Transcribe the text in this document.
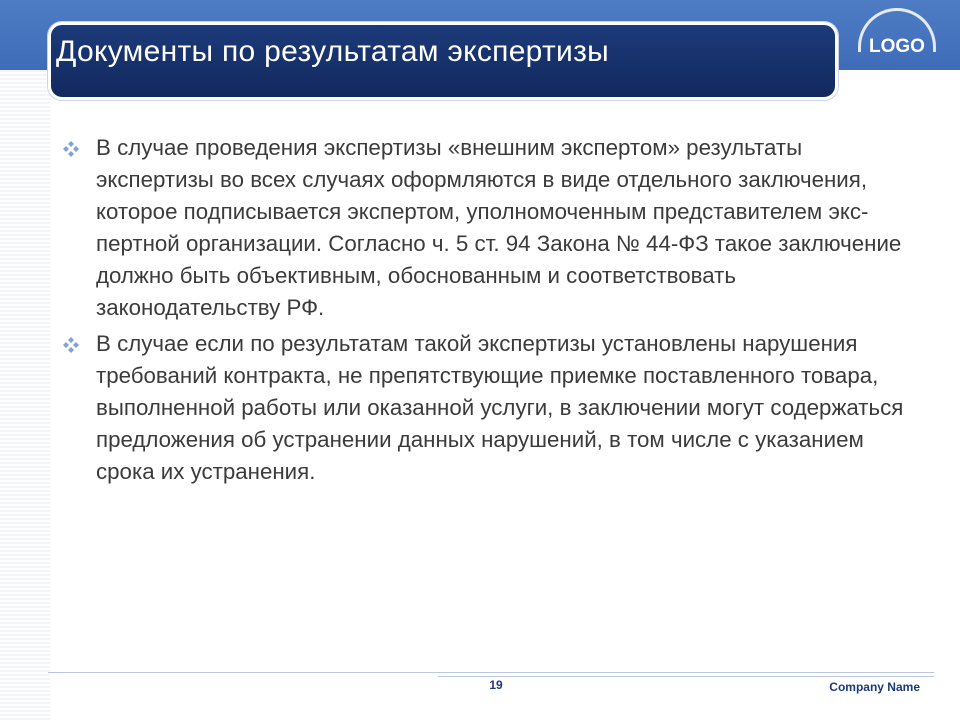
Документы по результатам экспертизы	LOGO
В случае проведения экспертизы «внешним экспертом» результаты экспертизы во всех случаях оформляются в виде отдельного заключения, которое подписывается экспертом, уполномоченным представителем экс-пертной организации. Согласно ч. 5 ст. 94 Закона № 44-ФЗ такое заключение должно быть объективным, обоснованным и соответствовать законодательству РФ.
В случае если по результатам такой экспертизы установлены нарушения требований контракта, не препятствующие приемке поставленного товара, выполненной работы или оказанной услуги, в заключении могут содержаться предложения об устранении данных нарушений, в том числе с указанием срока их устранения.
19	Company Name
